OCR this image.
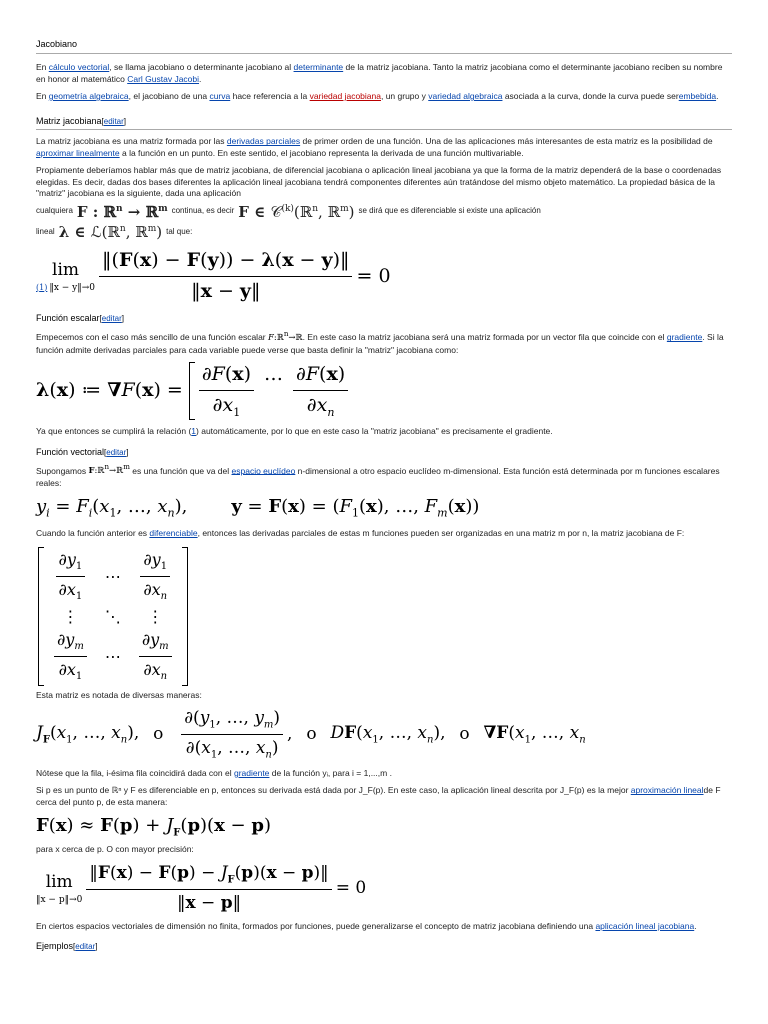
Jacobiano

En cálculo vectorial, se llama jacobiano o determinante jacobiano al determinante de la matriz jacobiana. Tanto la matriz jacobiana como el determinante jacobiano reciben su nombre en honor al matemático Carl Gustav Jacobi.

En geometría algebraica, el jacobiano de una curva hace referencia a la variedad jacobiana, un grupo y variedad algebraica asociada a la curva, donde la curva puede serembebida.

Matriz jacobiana[editar]

La matriz jacobiana es una matriz formada por las derivadas parciales de primer orden de una función. Una de las aplicaciones más interesantes de esta matriz es la posibilidad de aproximar linealmente a la función en un punto. En este sentido, el jacobiano representa la derivada de una función multivariable.

Propiamente deberíamos hablar más que de matriz jacobiana, de diferencial jacobiana o aplicación lineal jacobiana ya que la forma de la matriz dependerá de la base o coordenadas elegidas. Es decir, dadas dos bases diferentes la aplicación lineal jacobiana tendrá componentes diferentes aún tratándose del mismo objeto matemático. La propiedad básica de la "matriz" jacobiana es la siguiente, dada una aplicación

cualquiera F : ℝ$^n$ → ℝ$^m$ continua, es decir F ∈ 𝒞$^{(k)}$(ℝ$^n$, ℝ$^m$) se dirá que es diferenciable si existe una aplicación
lineal λ ∈ ℒ(ℝ$^n$, ℝ$^m$) tal que:
lim
(1) ‖x − y‖→0 $\frac{‖(F(x) - F(y)) - \lambda(x - y)‖}{‖x - y‖} = 0$
Función escalar[editar]

Empecemos con el caso más sencillo de una función escalar F:ℝ$^n$→ℝ. En este caso la matriz jacobiana será una matriz formada por un vector fila que coincide con el gradiente. Si la función admite derivadas parciales para cada variable puede verse que basta definir la "matriz" jacobiana como:

λ(x) ≔ $\nabla F(x) = \frac{\partial F(x)}{\partial x_1}$ … $\frac{\partial F(x)}{\partial x_n}$

Ya que entonces se cumplirá la relación (1) automáticamente, por lo que en este caso la "matriz jacobiana" es precisamente el gradiente.

Función vectorial[editar]

Supongamos F:ℝ$^n$→ℝ$^m$ es una función que va del espacio euclídeo n-dimensional a otro espacio euclídeo m-dimensional. Esta función está determinada por m funciones escalares reales:

$y_i = F_i(x_1$, …, $x_n$), $y = F(x) = (F_1(x)$, …, $F_m(x)$)

Cuando la función anterior es diferenciable, entonces las derivadas parciales de estas m funciones pueden ser organizadas en una matriz m por n, la matriz jacobiana de F:

$\frac{\partial y_1}{\partial x_1}$ ⋯ $\frac{\partial y_1}{\partial x_n}$
⋮ ⋱ ⋮
$\frac{\partial y_m}{\partial x_1}$ ⋯ $\frac{\partial y_m}{\partial x_n}$

Esta matriz es notada de diversas maneras:

$J_F(x_1$, …, $x_n$), o	$\frac{\partial(y_1, \dots, y_m)}{\partial(x_1, \dots, x_n)}$ , o $DF(x_1$, …, $x_n$), o $\nabla F(x_1$, …, $x_n$

Nótese que la fila, i-ésima fila coincidirá dada con el gradiente de la función yᵢ, para i = 1,...,m .

Si p es un punto de ℝⁿ y F es diferenciable en p, entonces su derivada está dada por J_F(p). En este caso, la aplicación lineal descrita por J_F(p) es la mejor aproximación linealde F cerca del punto p, de esta manera:

$F(x) \approx F(p) + J_F(p)(x - p)$

para x cerca de p. O con mayor precisión:

lim
‖x − p‖→0 $\frac{‖F(x) - F(p) - J_F(p)(x - p)‖}{‖x - p‖} = 0$

En ciertos espacios vectoriales de dimensión no finita, formados por funciones, puede generalizarse el concepto de matriz jacobiana definiendo una aplicación lineal jacobiana.

Ejemplos[editar]
